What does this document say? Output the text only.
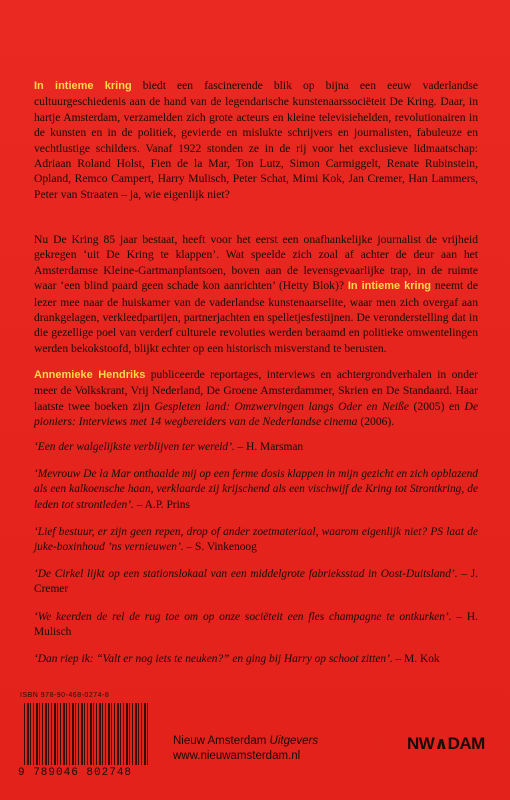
In intieme kring biedt een fascinerende blik op bijna een eeuw vaderlandse cultuurgeschiedenis aan de hand van de legendarische kunstenaarssociëteit De Kring. Daar, in hartje Amsterdam, verzamelden zich grote acteurs en kleine televisiehelden, revolutionairen in de kunsten en in de politiek, gevierde en mislukte schrijvers en journalisten, fabuleuze en vechtlustige schilders. Vanaf 1922 stonden ze in de rij voor het exclusieve lidmaatschap: Adriaan Roland Holst, Fien de la Mar, Ton Lutz, Simon Carmiggelt, Renate Rubinstein, Opland, Remco Campert, Harry Mulisch, Peter Schat, Mimi Kok, Jan Cremer, Han Lammers, Peter van Straaten – ja, wie eigenlijk niet?
Nu De Kring 85 jaar bestaat, heeft voor het eerst een onafhankelijke journalist de vrijheid gekregen ‘uit De Kring te klappen’. Wat speelde zich zoal af achter de deur aan het Amsterdamse Kleine-Gartmanplantsoen, boven aan de levensgevaarlijke trap, in de ruimte waar ‘een blind paard geen schade kon aanrichten’ (Hetty Blok)? In intieme kring neemt de lezer mee naar de huiskamer van de vaderlandse kunstenaarselite, waar men zich overgaf aan drankgelagen, verkleedpartijen, partnerjachten en spelletjesfestijnen. De veronderstelling dat in die gezellige poel van verderf culturele revoluties werden beraamd en politieke omwentelingen werden bekokstoofd, blijkt echter op een historisch misverstand te berusten.
Annemieke Hendriks publiceerde reportages, interviews en achtergrondverhalen in onder meer de Volkskrant, Vrij Nederland, De Groene Amsterdammer, Skrien en De Standaard. Haar laatste twee boeken zijn Gespleten land: Omzwervingen langs Oder en Neiße (2005) en De pioniers: Interviews met 14 wegbereiders van de Nederlandse cinema (2006).
‘Een der walgelijkste verblijven ter wereld’. – H. Marsman
‘Mevrouw De la Mar onthaalde mij op een ferme dosis klappen in mijn gezicht en zich opblazend als een kalkoensche haan, verklaarde zij krijschend als een vischwijf de Kring tot Strontkring, de leden tot strontleden’. – A.P. Prins
‘Lief bestuur, er zijn geen repen, drop of ander zoetmateriaal, waarom eigenlijk niet? PS laat de juke-boxinhoud ’ns vernieuwen’. – S. Vinkenoog
‘De Cirkel lijkt op een stationslokaal van een middelgrote fabrieksstad in Oost-Duitsland’. – J. Cremer
‘We keerden de rel de rug toe om op onze sociëteit een fles champagne te ontkurken’. – H. Mulisch
‘Dan riep ik: “Valt er nog iets te neuken?” en ging bij Harry op schoot zitten’. – M. Kok
ISBN 978-90-468-0274-8
9 789046 802748
Nieuw Amsterdam Uitgevers
www.nieuwamsterdam.nl
NW∧DAM
